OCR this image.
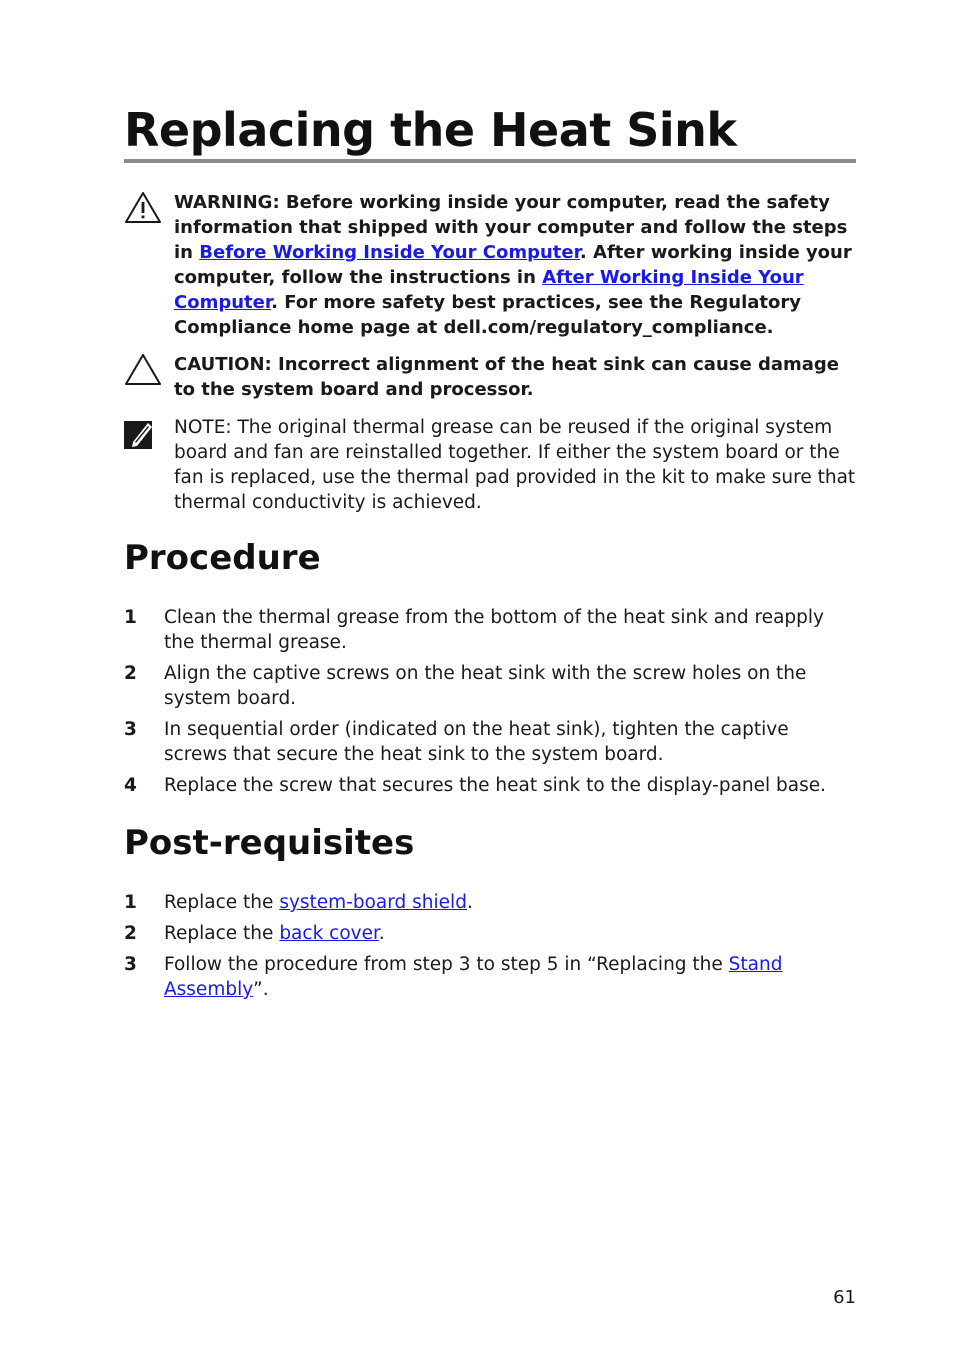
Replacing the Heat Sink

WARNING: Before working inside your computer, read the safety information that shipped with your computer and follow the steps in Before Working Inside Your Computer. After working inside your computer, follow the instructions in After Working Inside Your Computer. For more safety best practices, see the Regulatory Compliance home page at dell.com/regulatory_compliance.

CAUTION: Incorrect alignment of the heat sink can cause damage to the system board and processor.

NOTE: The original thermal grease can be reused if the original system board and fan are reinstalled together. If either the system board or the fan is replaced, use the thermal pad provided in the kit to make sure that thermal conductivity is achieved.

Procedure
1 Clean the thermal grease from the bottom of the heat sink and reapply the thermal grease.
2 Align the captive screws on the heat sink with the screw holes on the system board.
3 In sequential order (indicated on the heat sink), tighten the captive screws that secure the heat sink to the system board.
4 Replace the screw that secures the heat sink to the display-panel base.
Post-requisites
1 Replace the system-board shield.
2 Replace the back cover.
3 Follow the procedure from step 3 to step 5 in “Replacing the Stand Assembly”.
61
